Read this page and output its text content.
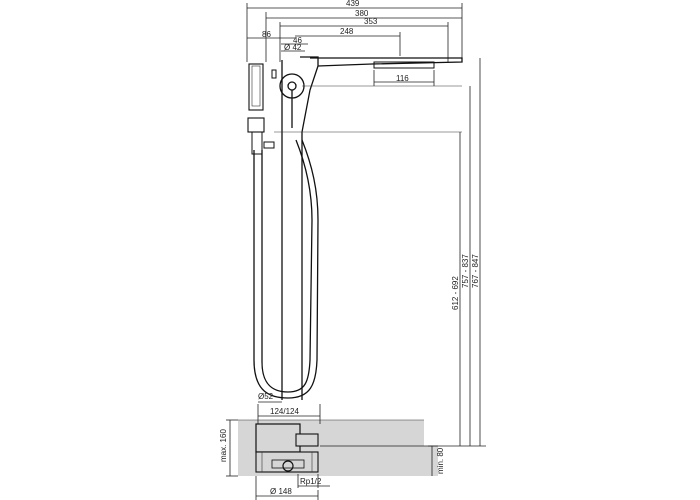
439
380
353
248
86
46
Ø 42
116
Ø52
124/124
Rp1/2
Ø 148
max. 160	min. 80
612 - 692
757 - 837 767 - 847
